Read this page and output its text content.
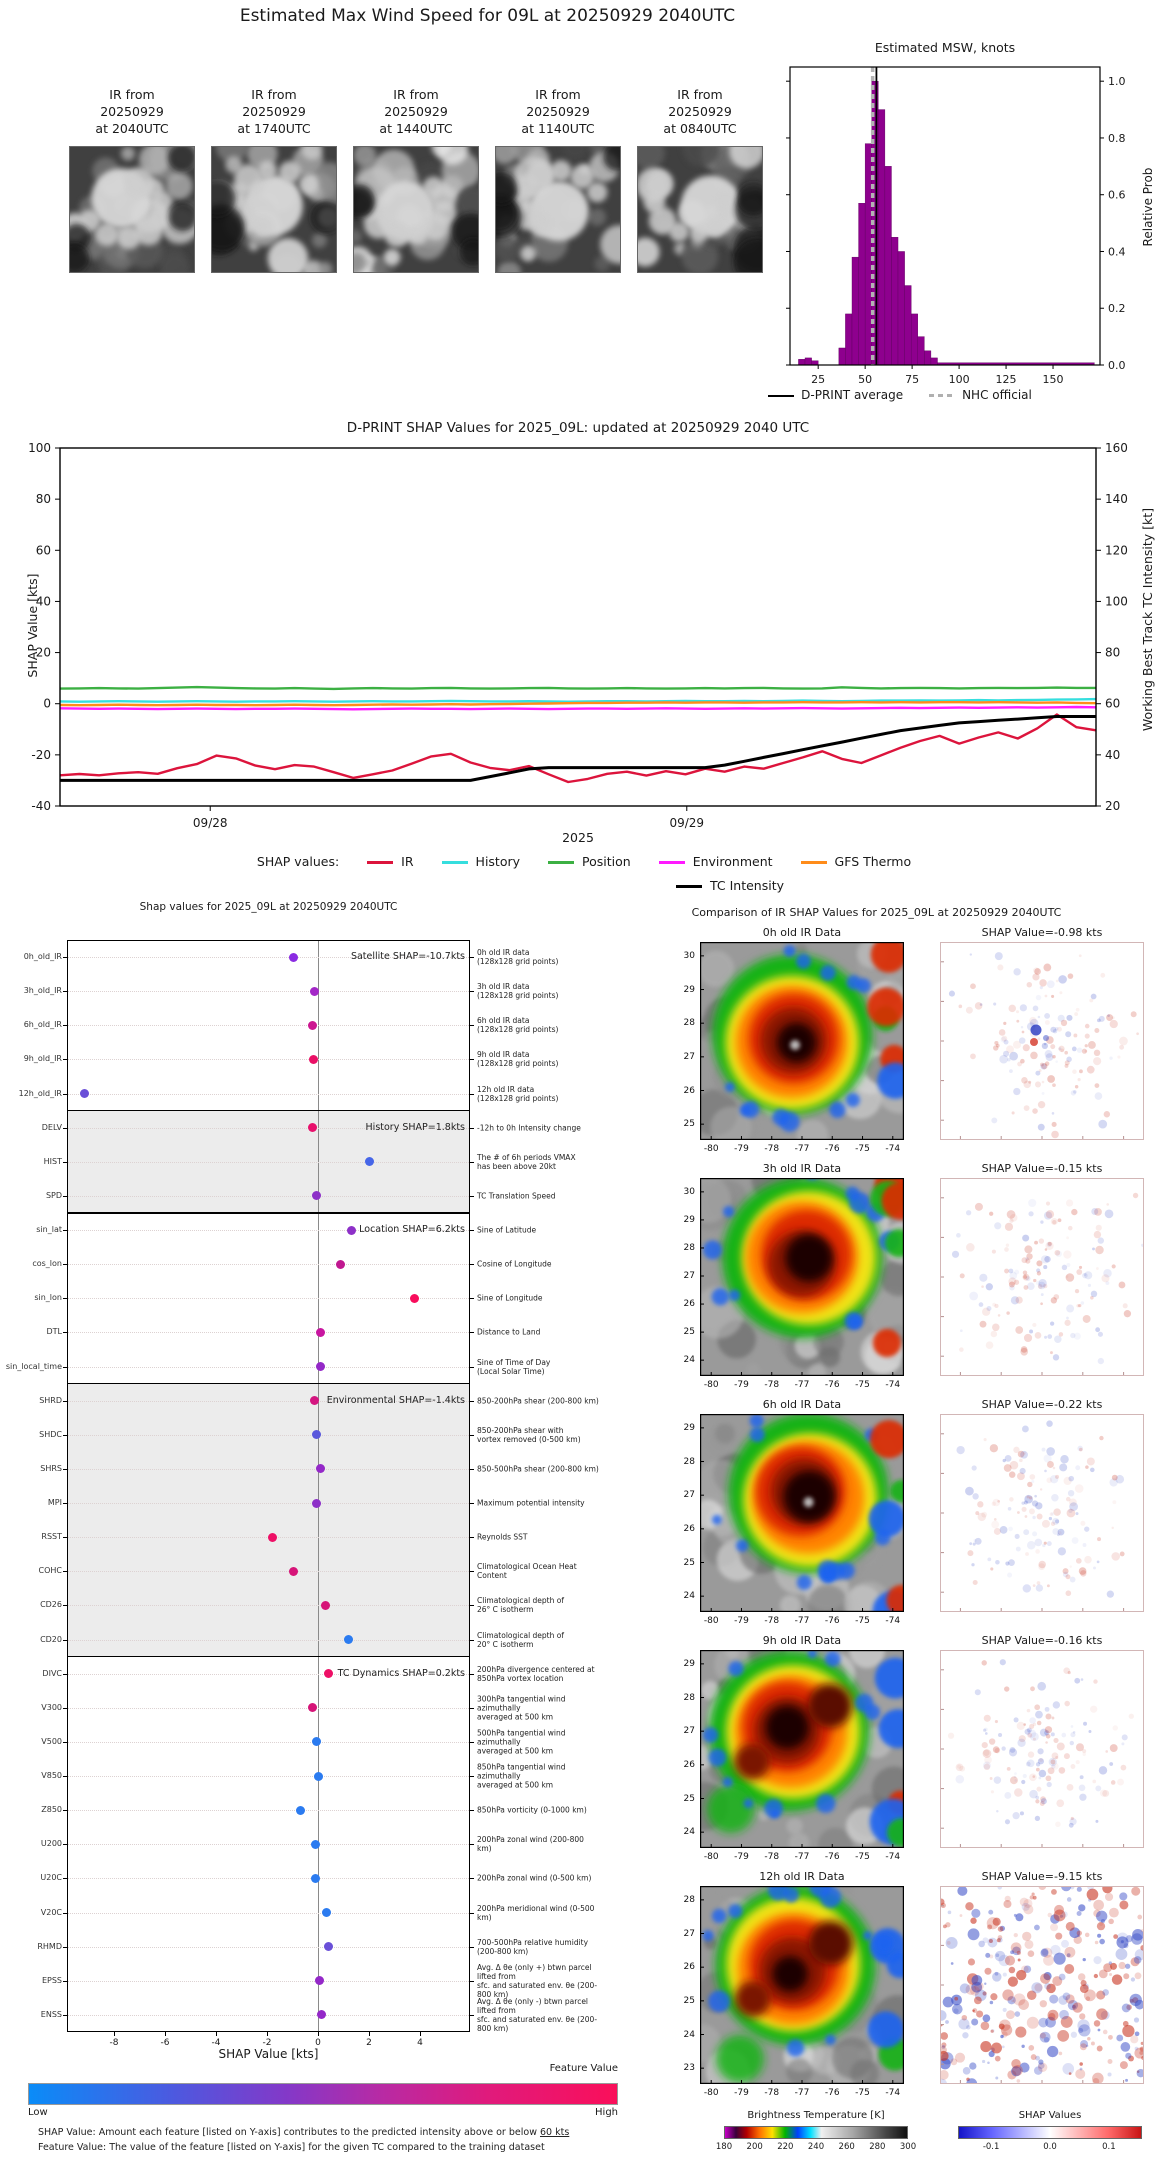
Estimated Max Wind Speed for 09L at 20250929 2040UTC
IR from
20250929
at 2040UTC
IR from
20250929
at 1740UTC
IR from
20250929
at 1440UTC
IR from
20250929
at 1140UTC
IR from
20250929
at 0840UTC
Estimated MSW, knots
0.0
0.2
0.4
0.6
0.8
1.0
25	50	75	100 125 150
Relative Prob
D-PRINT average	NHC official
D-PRINT SHAP Values for 2025_09L: updated at 20250929 2040 UTC
100
80
60
40
20
0
-20
-40
160
140
120
100
80
60
40
20
09/28	09/29
SHAP Value [kts]	Working Best Track TC Intensity [kt]
2025
SHAP values:	IR	History	Position	Environment	GFS Thermo
TC Intensity
Shap values for 2025_09L at 20250929 2040UTC
SHAP Value [kts]
Feature Value
Low	High
SHAP Value: Amount each feature [listed on Y-axis] contributes to the predicted intensity above or below 60 kts
Feature Value: The value of the feature [listed on Y-axis] for the given TC compared to the training dataset
Satellite SHAP=-10.7kts
History SHAP=1.8kts
Location SHAP=6.2kts
Environmental SHAP=-1.4kts
TC Dynamics SHAP=0.2kts
0h_old_IR	0h old IR data
(128x128 grid points)
3h_old_IR	3h old IR data
(128x128 grid points)
6h_old_IR	6h old IR data
(128x128 grid points)
9h_old_IR	9h old IR data
(128x128 grid points)
12h_old_IR	12h old IR data
(128x128 grid points)
DELV	-12h to 0h Intensity change
HIST	The # of 6h periods VMAX
has been above 20kt
SPD	TC Translation Speed
sin_lat	Sine of Latitude
cos_lon	Cosine of Longitude
sin_lon	Sine of Longitude
DTL	Distance to Land
sin_local_time	Sine of Time of Day
(Local Solar Time)
SHRD	850-200hPa shear (200-800 km)
SHDC	850-200hPa shear with
vortex removed (0-500 km)
SHRS	850-500hPa shear (200-800 km)
MPI	Maximum potential intensity
RSST	Reynolds SST
COHC	Climatological Ocean Heat Content
CD26	Climatological depth of
26° C isotherm
CD20	Climatological depth of
20° C isotherm
DIVC	200hPa divergence centered at
850hPa vortex location
V300
300hPa tangential wind azimuthally
averaged at 500 km
V500
500hPa tangential wind azimuthally
averaged at 500 km
V850
850hPa tangential wind azimuthally
averaged at 500 km
Z850	850hPa vorticity (0-1000 km)
U200	200hPa zonal wind (200-800 km)
U20C	200hPa zonal wind (0-500 km)
V20C	200hPa meridional wind (0-500 km)
RHMD	700-500hPa relative humidity
(200-800 km)
EPSS
Avg. Δ θe (only +) btwn parcel lifted from
sfc. and saturated env. θe (200-800 km)
ENSS
Avg. Δ θe (only -) btwn parcel lifted from
sfc. and saturated env. θe (200-800 km)
-8	-6	-4	-2	0	2	4
Comparison of IR SHAP Values for 2025_09L at 20250929 2040UTC
Brightness Temperature [K]	SHAP Values
0h old IR Data	SHAP Value=-0.98 kts
30
29
28
27
26
25
-80	-79	-78	-77	-76	-75	-74
3h old IR Data	SHAP Value=-0.15 kts
30
29
28
27
26
25
24
-80	-79	-78	-77	-76	-75	-74
6h old IR Data	SHAP Value=-0.22 kts
29
28
27
26
25
24
-80	-79	-78	-77	-76	-75	-74
9h old IR Data	SHAP Value=-0.16 kts
29
28
27
26
25
24
-80	-79	-78	-77	-76	-75	-74
12h old IR Data	SHAP Value=-9.15 kts
28
27
26
25
24
23
-80	-79	-78	-77	-76	-75	-74
180	200	220	240	260	280	300	-0.1	0.0	0.1
